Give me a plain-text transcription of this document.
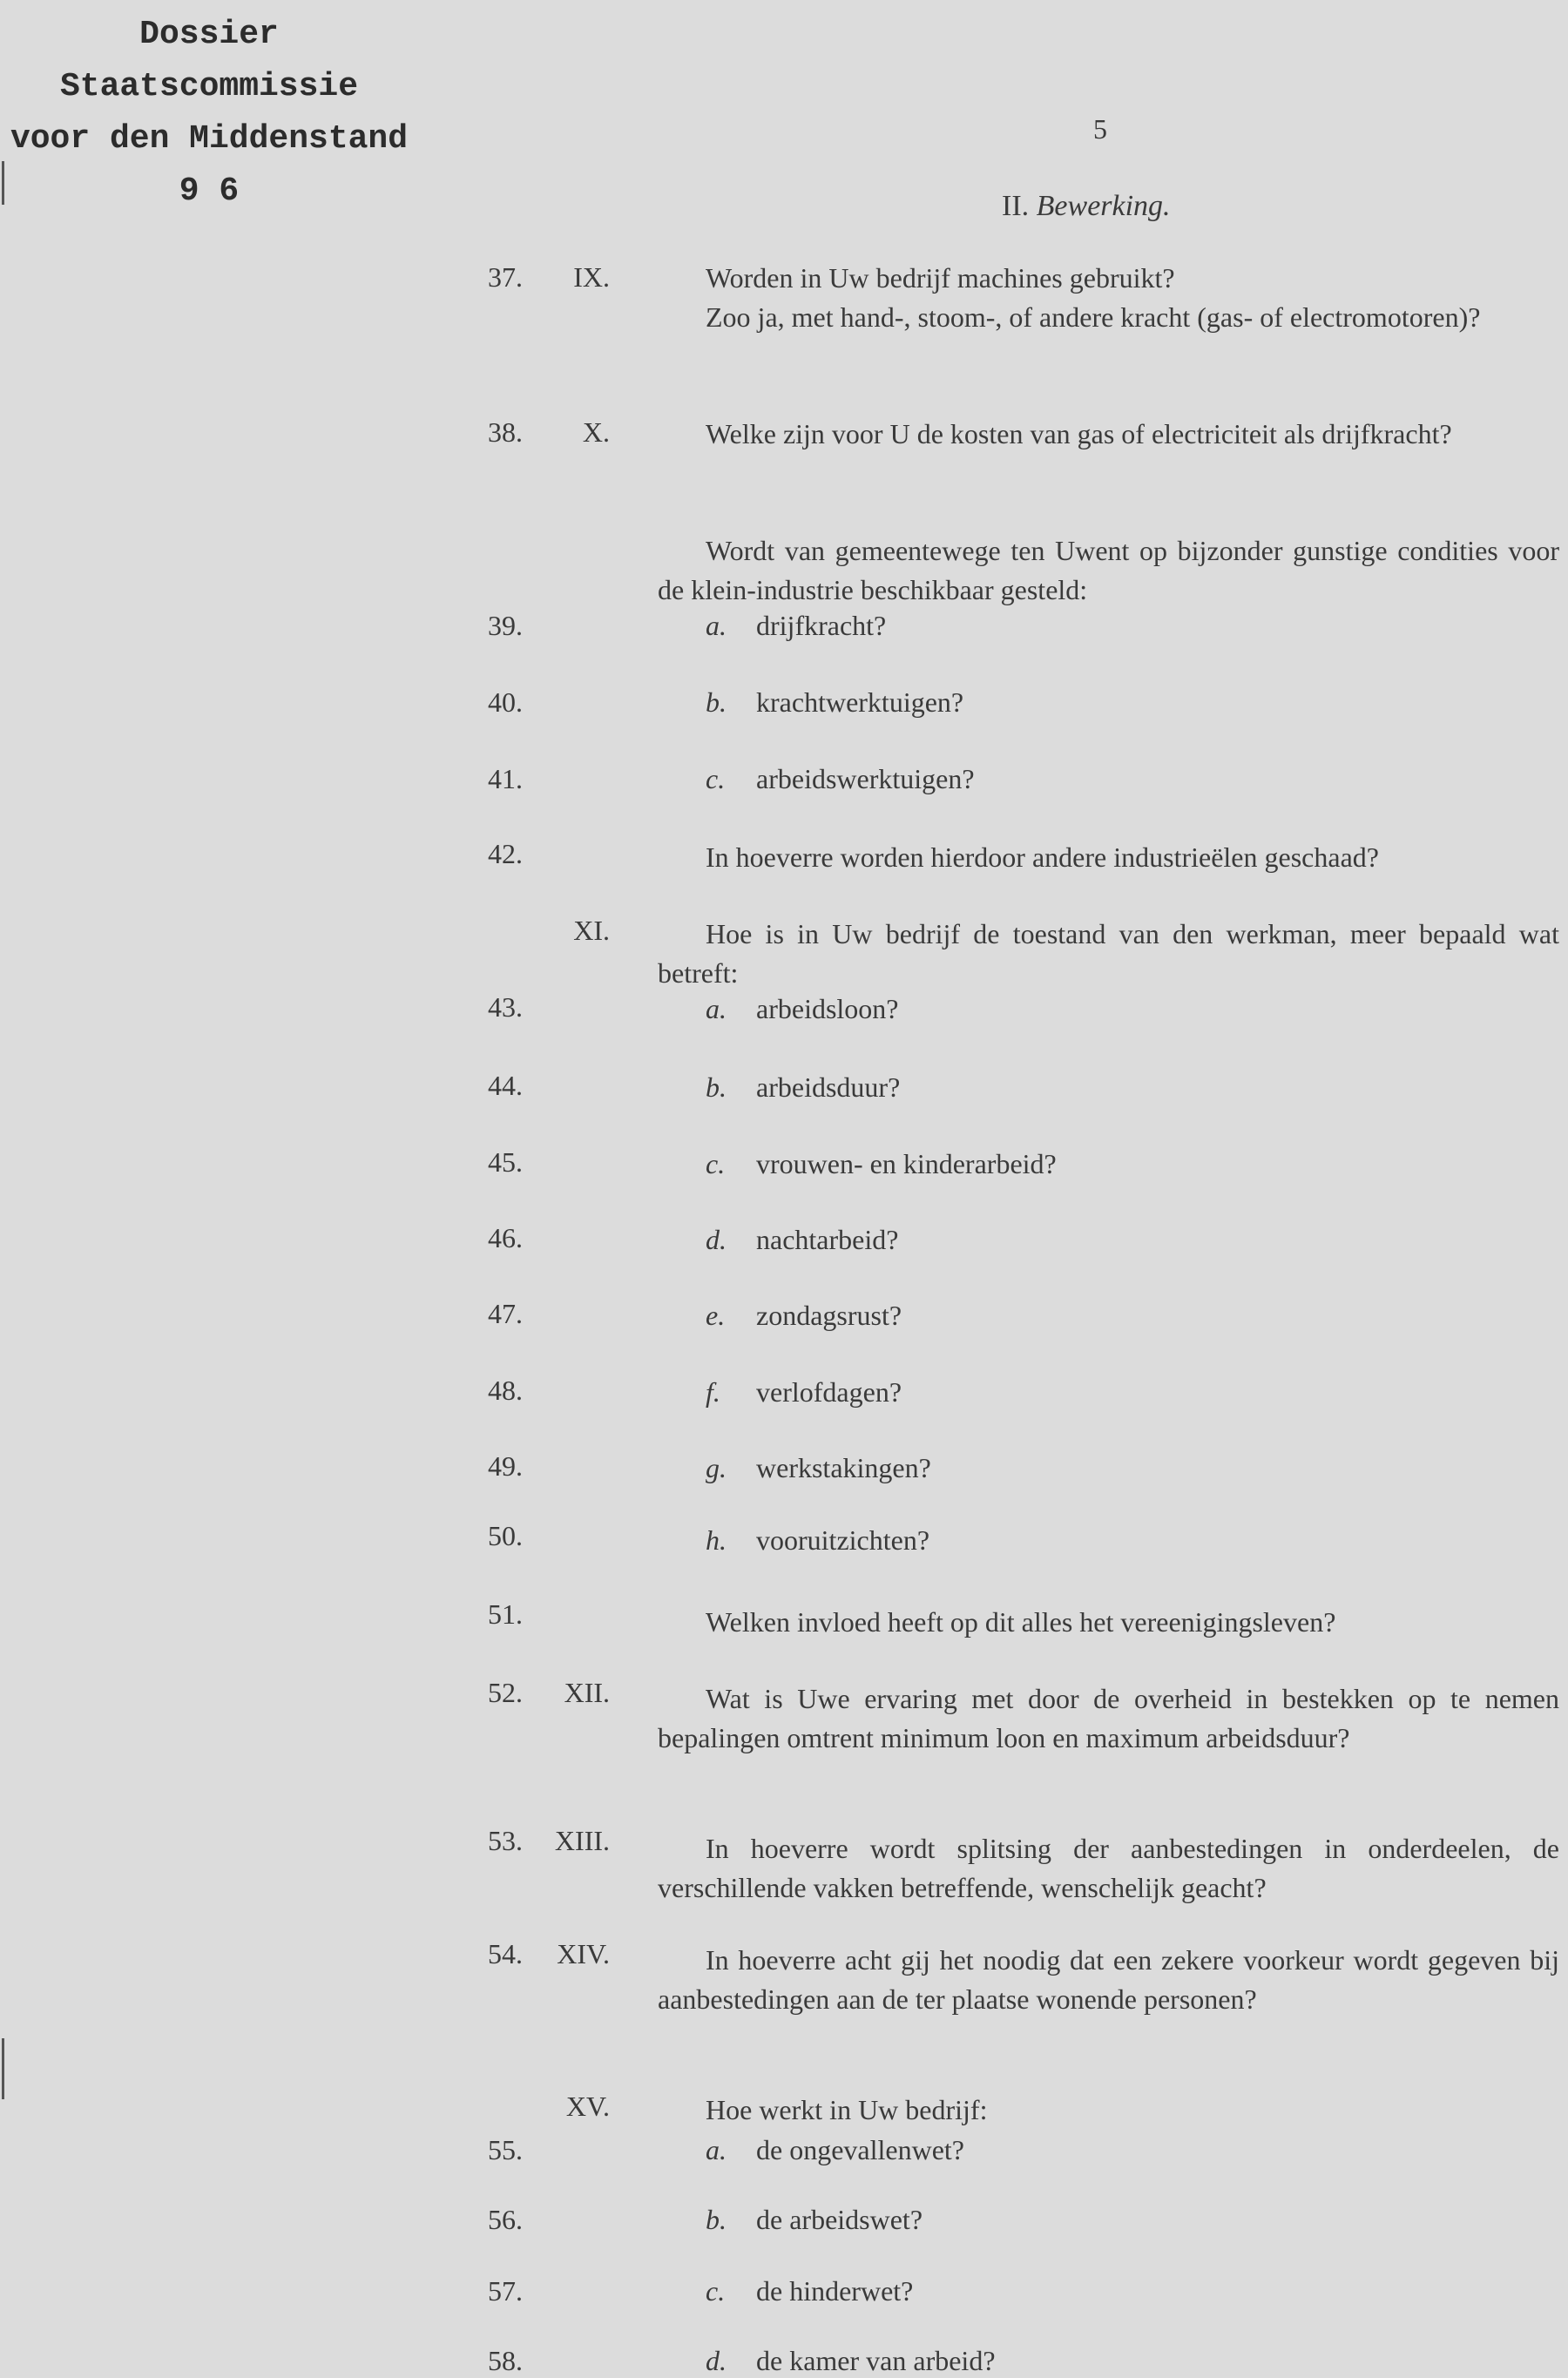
Dossier
Staatscommissie
voor den Middenstand
9 6
5
II. Bewerking.
37.	IX.	Worden in Uw bedrijf machines gebruikt?
Zoo ja, met hand-, stoom-, of andere kracht (gas- of electromotoren)?
38.	X.	Welke zijn voor U de kosten van gas of electriciteit als drijfkracht?
Wordt van gemeentewege ten Uwent op bijzonder gunstige condities voor de klein-industrie beschikbaar gesteld:
39.	a. drijfkracht?
40.	b. krachtwerktuigen?
41.	c. arbeidswerktuigen?
42.	In hoeverre worden hierdoor andere industrieëlen geschaad?
XI.	Hoe is in Uw bedrijf de toestand van den werkman, meer bepaald wat betreft:
43.	a. arbeidsloon?
44.	b. arbeidsduur?
45.	c. vrouwen- en kinderarbeid?
46.	d. nachtarbeid?
47.	e. zondagsrust?
48.	f. verlofdagen?
49.	g. werkstakingen?
50.	h. vooruitzichten?
51.	Welken invloed heeft op dit alles het vereenigingsleven?
52.	XII.	Wat is Uwe ervaring met door de overheid in bestekken op te nemen bepalingen omtrent minimum loon en maximum arbeidsduur?
53.	XIII.	In hoeverre wordt splitsing der aanbestedingen in onderdeelen, de verschillende vakken betreffende, wenschelijk geacht?
54.	XIV.	In hoeverre acht gij het noodig dat een zekere voorkeur wordt gegeven bij aanbestedingen aan de ter plaatse wonende personen?
XV.	Hoe werkt in Uw bedrijf:
55.	a. de ongevallenwet?
56.	b. de arbeidswet?
57.	c. de hinderwet?
58.	d. de kamer van arbeid?
